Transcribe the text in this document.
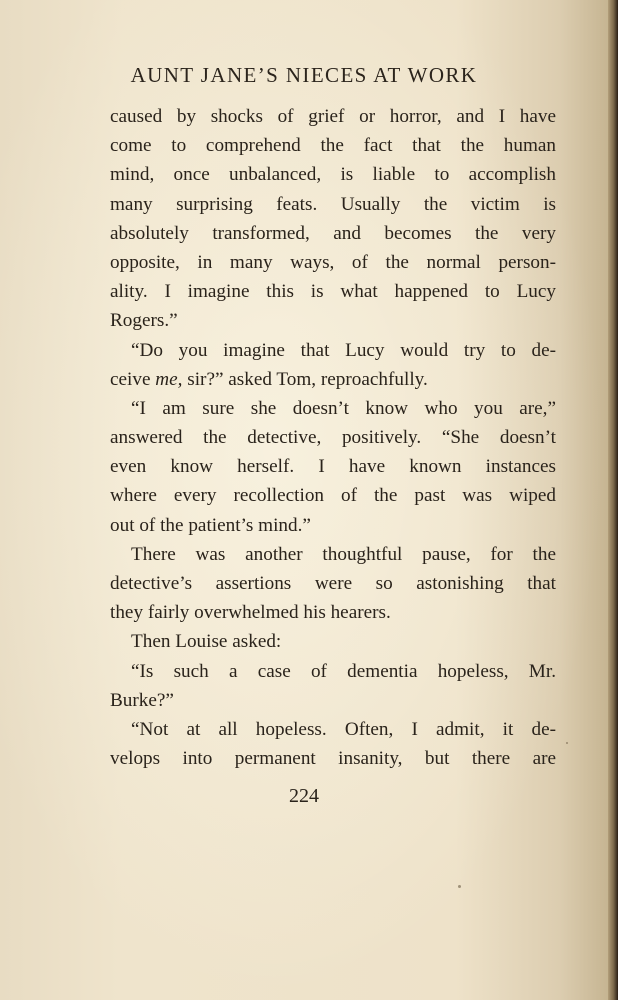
AUNT JANE’S NIECES AT WORK
caused by shocks of grief or horror, and I have
come to comprehend the fact that the human
mind, once unbalanced, is liable to accomplish
many surprising feats. Usually the victim is
absolutely transformed, and becomes the very
opposite, in many ways, of the normal person-
ality. I imagine this is what happened to Lucy
Rogers.”
“Do you imagine that Lucy would try to de-
ceive me, sir?” asked Tom, reproachfully.
“I am sure she doesn’t know who you are,”
answered the detective, positively. “She doesn’t
even know herself. I have known instances
where every recollection of the past was wiped
out of the patient’s mind.”
There was another thoughtful pause, for the
detective’s assertions were so astonishing that
they fairly overwhelmed his hearers.
Then Louise asked:
“Is such a case of dementia hopeless, Mr.
Burke?”
“Not at all hopeless. Often, I admit, it de-
velops into permanent insanity, but there are
224
